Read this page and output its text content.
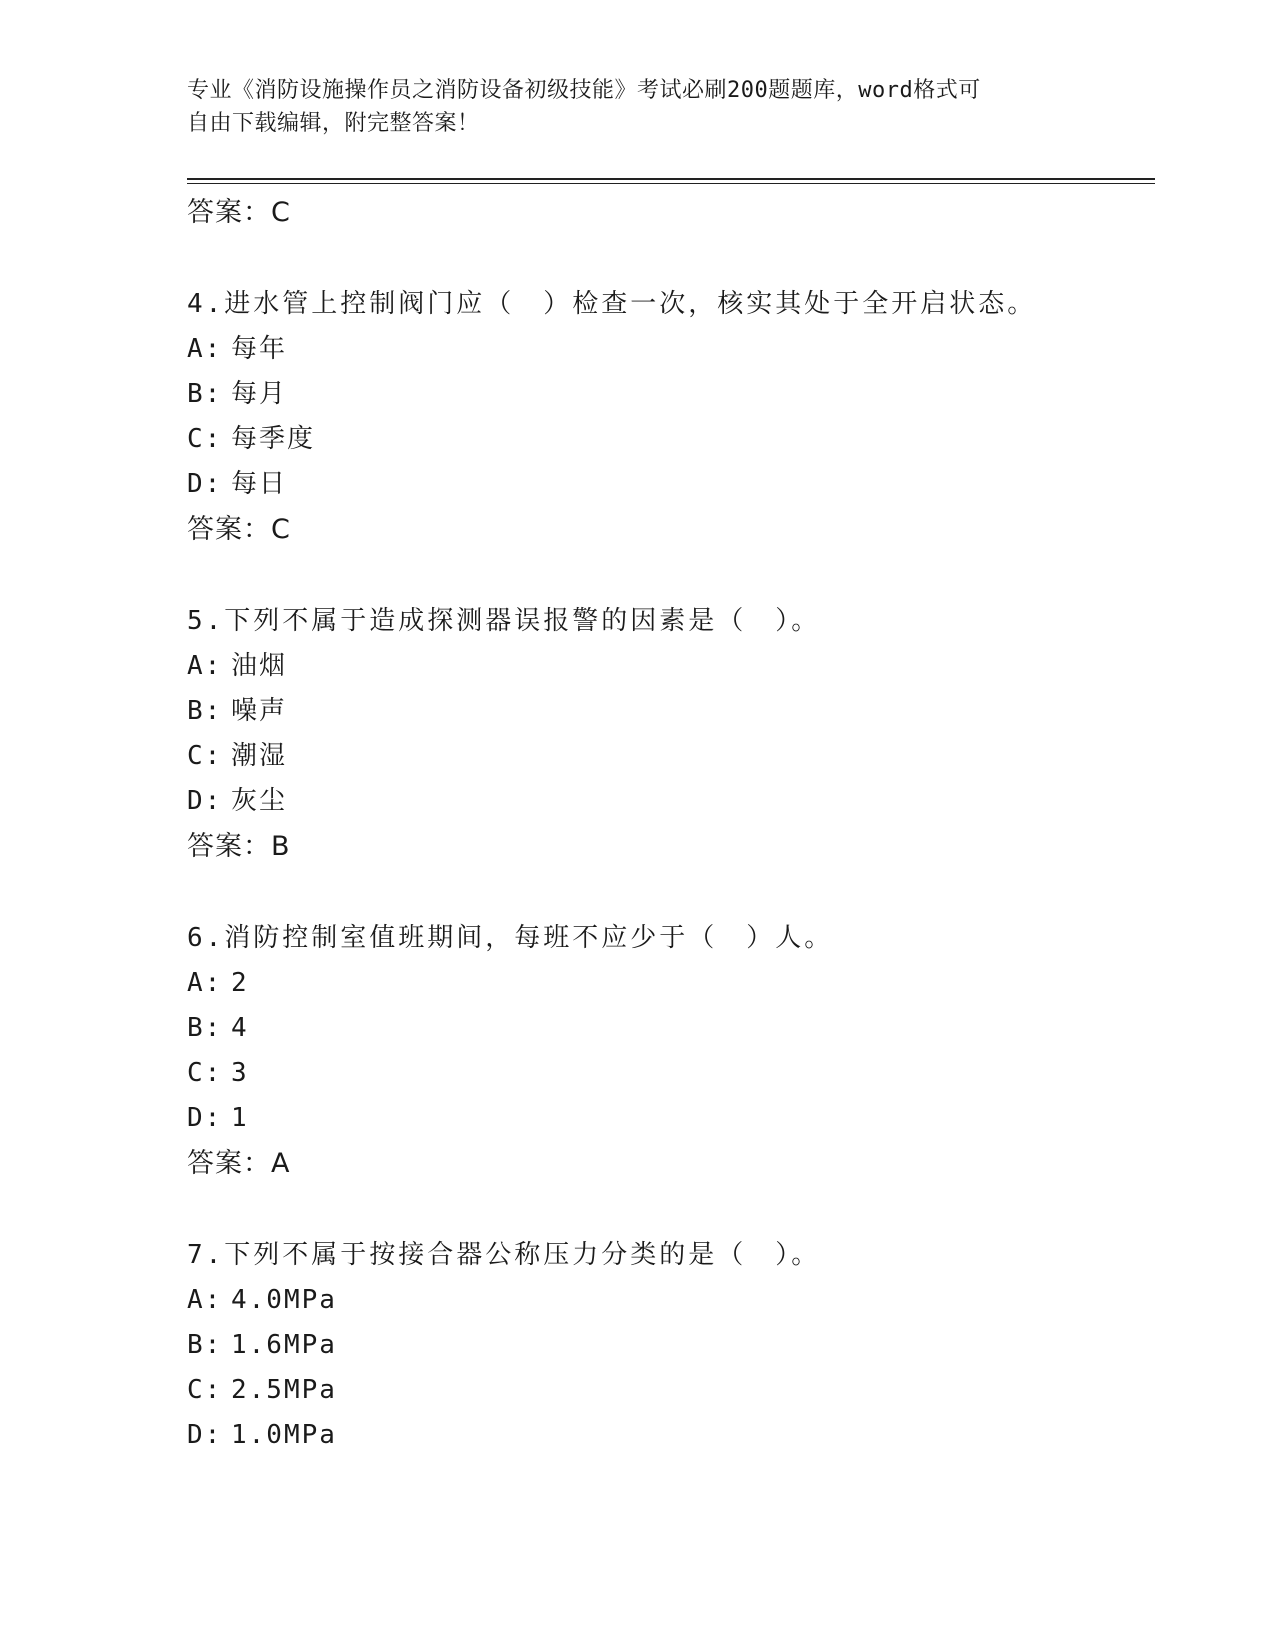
专业《消防设施操作员之消防设备初级技能》考试必刷200题题库，word格式可
自由下载编辑，附完整答案！
答案：C
4.进水管上控制阀门应（　）检查一次，核实其处于全开启状态。
A: 每年
B: 每月
C: 每季度
D: 每日
答案：C
5.下列不属于造成探测器误报警的因素是（　）。
A: 油烟
B: 噪声
C: 潮湿
D: 灰尘
答案：B
6.消防控制室值班期间，每班不应少于（　）人。
A: 2
B: 4
C: 3
D: 1
答案：A
7.下列不属于按接合器公称压力分类的是（　）。
A: 4.0MPa
B: 1.6MPa
C: 2.5MPa
D: 1.0MPa
